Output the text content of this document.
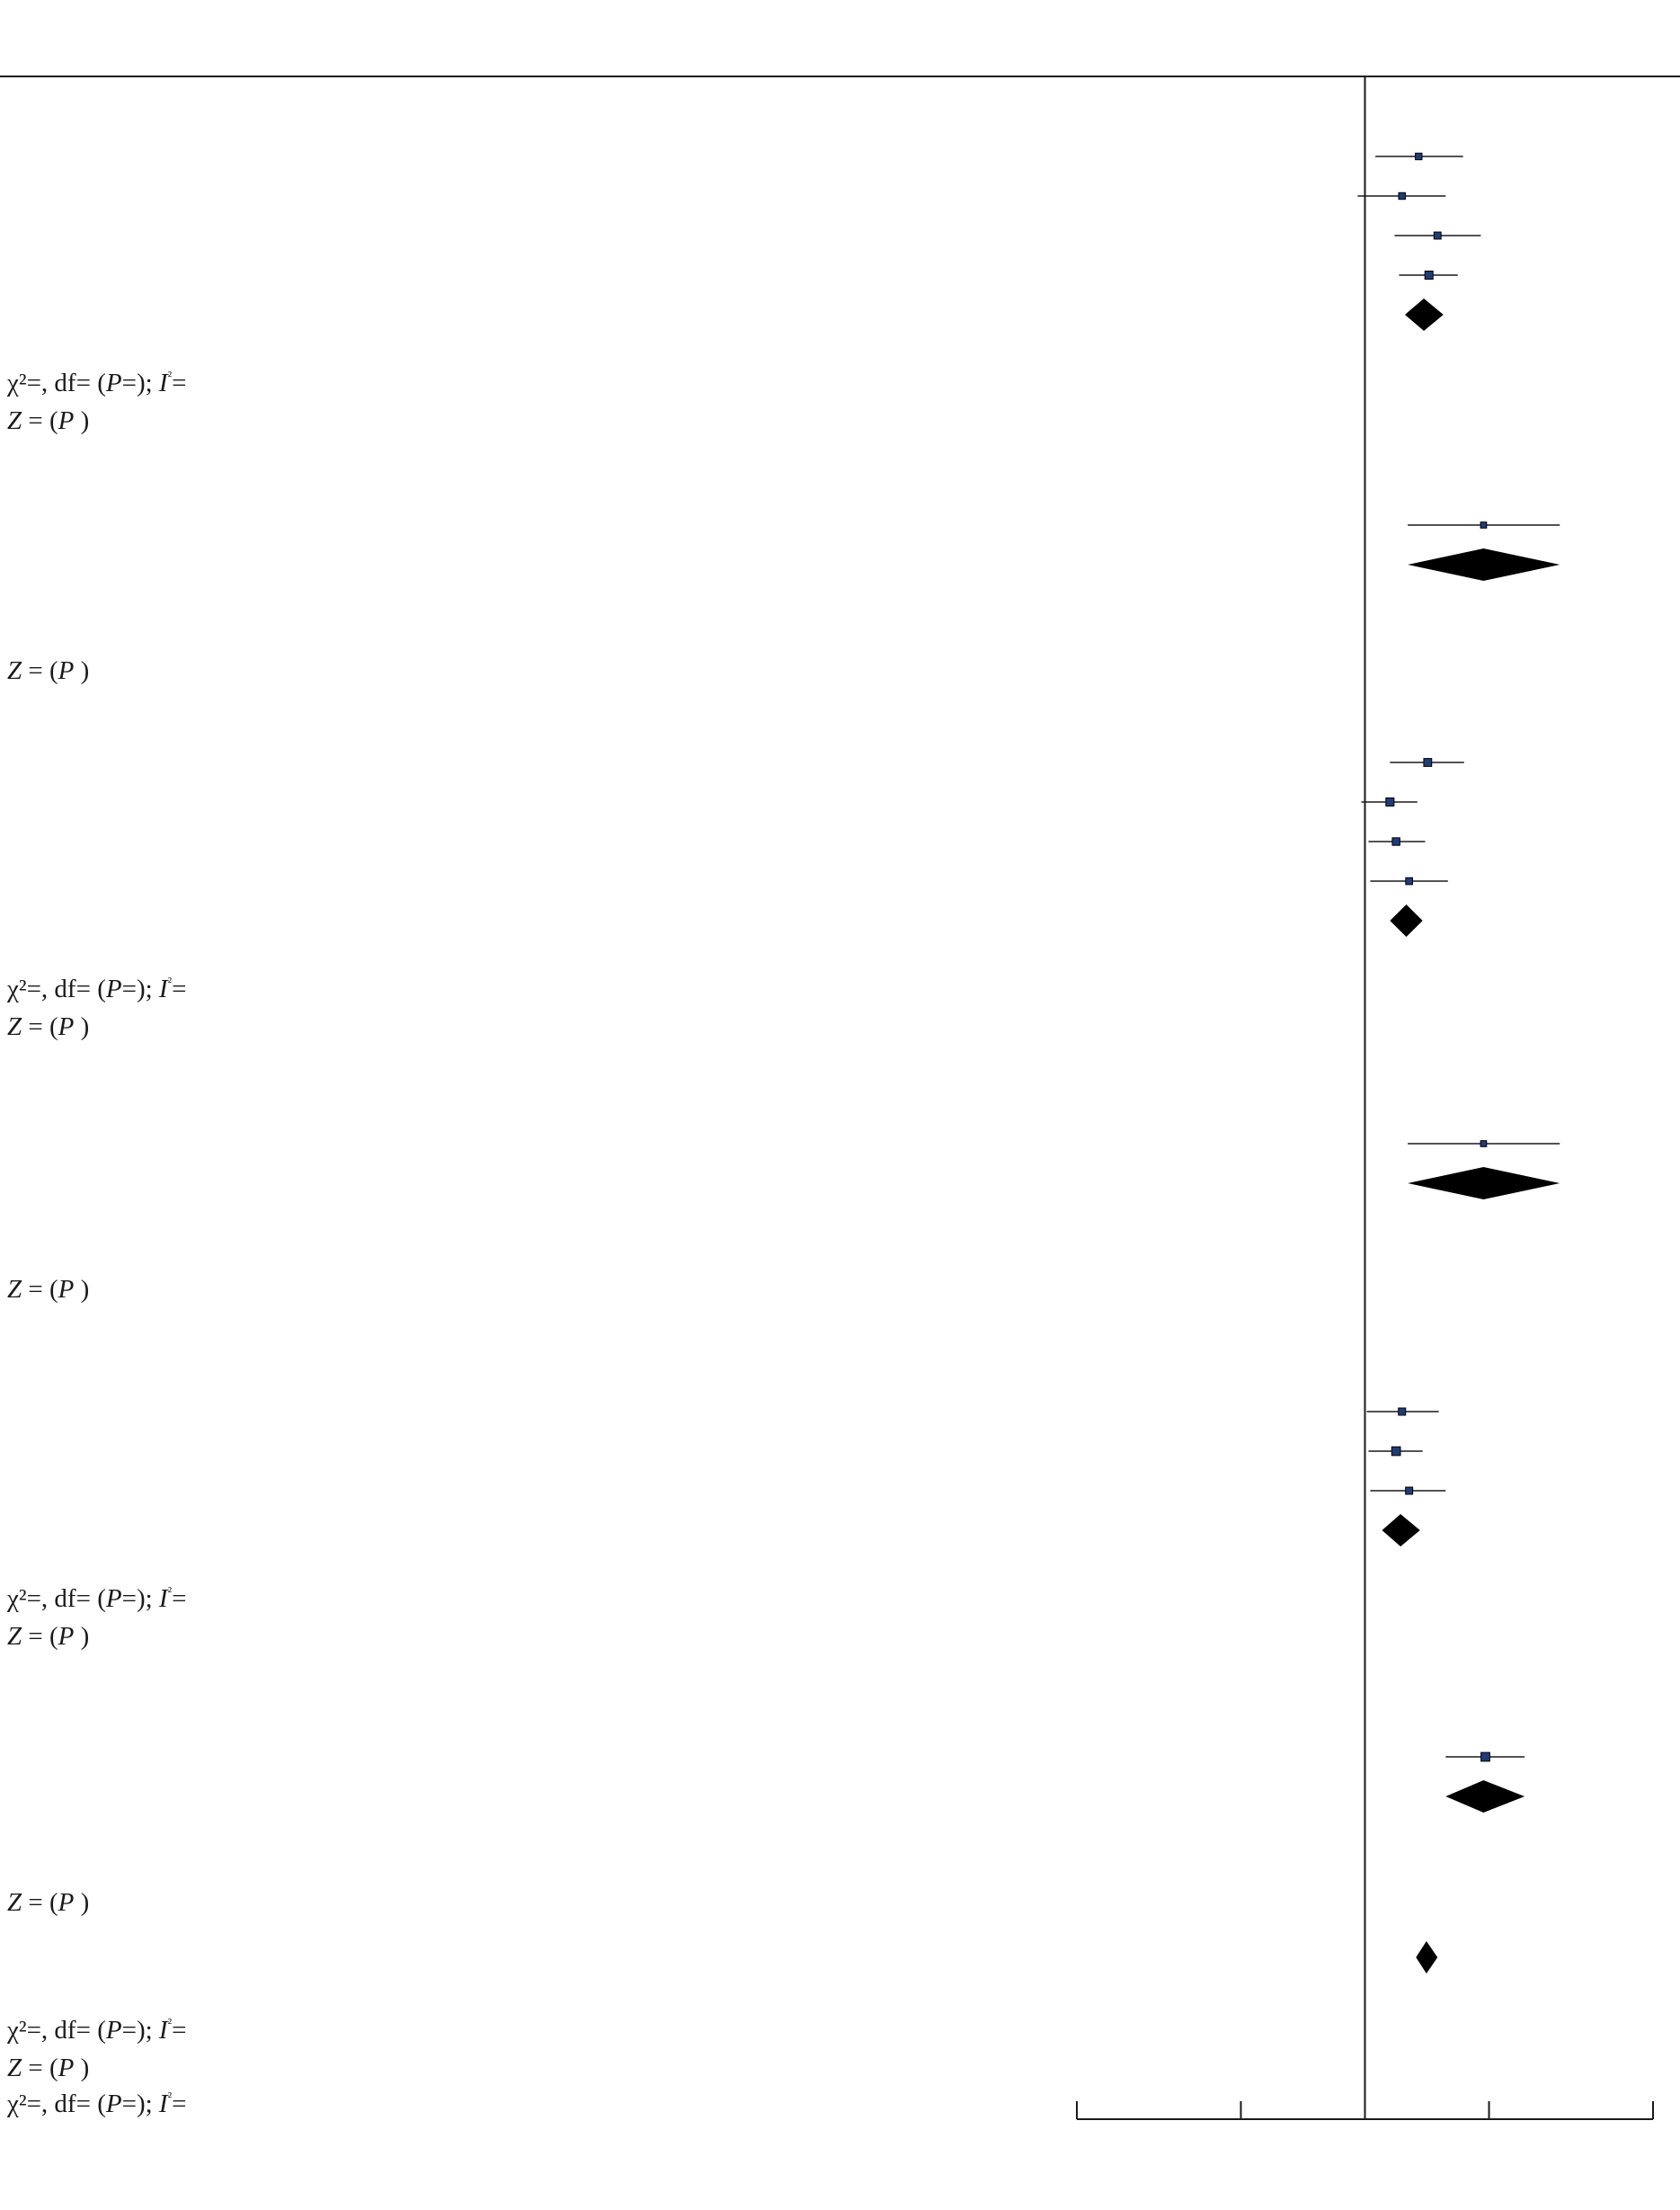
χ²=, df= (P=); $I^{^2}=$
Z = (P )
Z = (P )
χ²=, df= (P=); $I^{^2}=$
Z = (P )
Z = (P )
χ²=, df= (P=); $I^{^2}=$
Z = (P )
Z = (P )
χ²=, df= (P=); $I^{^2}=$
Z = (P )
χ²=, df= (P=); $I^{^2}=$
